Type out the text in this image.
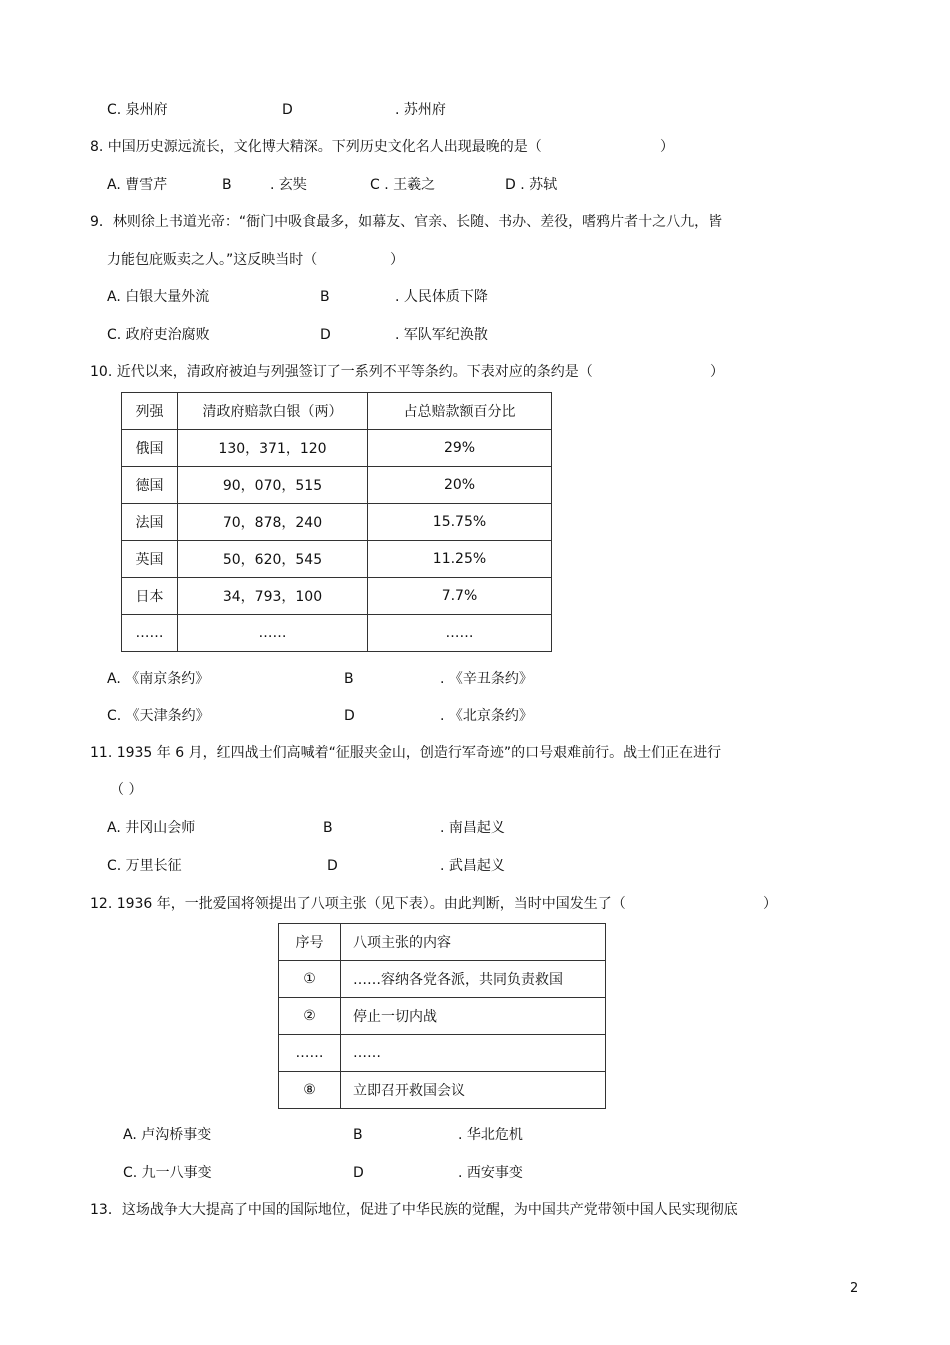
C. 泉州府	D	. 苏州府
8. 中国历史源远流长，文化博大精深。下列历史文化名人出现最晚的是（	）
A. 曹雪芹	B	. 玄奘	C . 王羲之	D . 苏轼
9．林则徐上书道光帝：“衙门中吸食最多，如幕友、官亲、长随、书办、差役，嗜鸦片者十之八九，皆
力能包庇贩卖之人。”这反映当时（	）
A. 白银大量外流	B	. 人民体质下降
C. 政府吏治腐败	D	. 军队军纪涣散
10. 近代以来，清政府被迫与列强签订了一系列不平等条约。下表对应的条约是（	）
列强	清政府赔款白银（两）	占总赔款额百分比
俄国	130，371，120	29%
德国	90，070，515	20%
法国	70，878，240	15.75%
英国	50，620，545	11.25%
日本	34，793，100	7.7%
……	……	……
A. 《南京条约》	B	. 《辛丑条约》
C. 《天津条约》	D	. 《北京条约》
11. 1935 年 6 月，红四战士们高喊着“征服夹金山，创造行军奇迹”的口号艰难前行。战士们正在进行
（ ）
A. 井冈山会师	B	. 南昌起义
C. 万里长征	D	. 武昌起义
12. 1936 年，一批爱国将领提出了八项主张（见下表）。由此判断，当时中国发生了（	）
序号	八项主张的内容
①	……容纳各党各派，共同负责救国
②	停止一切内战
……	……
⑧	立即召开救国会议
A. 卢沟桥事变	B	. 华北危机
C. 九一八事变	D	. 西安事变
13．这场战争大大提高了中国的国际地位，促进了中华民族的觉醒，为中国共产党带领中国人民实现彻底
2
